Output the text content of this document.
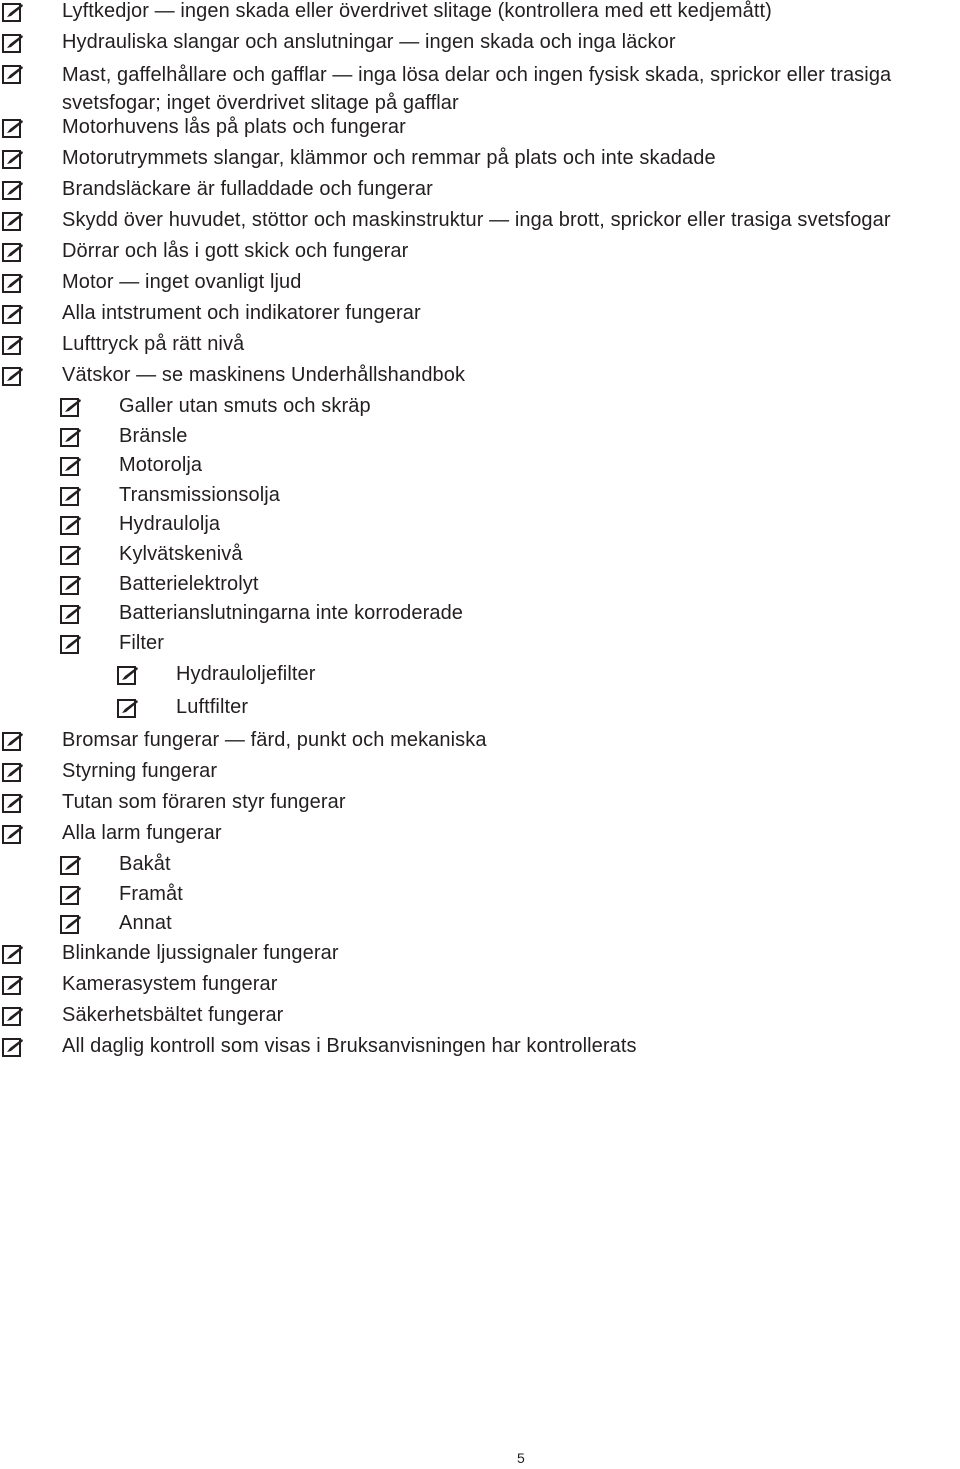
Lyftkedjor — ingen skada eller överdrivet slitage (kontrollera med ett kedjemått)
Hydrauliska slangar och anslutningar — ingen skada och inga läckor
Mast, gaffelhållare och gafflar — inga lösa delar och ingen fysisk skada, sprickor eller trasiga svetsfogar; inget överdrivet slitage på gafflar
Motorhuvens lås på plats och fungerar
Motorutrymmets slangar, klämmor och remmar på plats och inte skadade
Brandsläckare är fulladdade och fungerar
Skydd över huvudet, stöttor och maskinstruktur — inga brott, sprickor eller trasiga svetsfogar
Dörrar och lås i gott skick och fungerar
Motor — inget ovanligt ljud
Alla intstrument och indikatorer fungerar
Lufttryck på rätt nivå
Vätskor — se maskinens Underhållshandbok
Galler utan smuts och skräp
Bränsle
Motorolja
Transmissionsolja
Hydraulolja
Kylvätskenivå
Batterielektrolyt
Batterianslutningarna inte korroderade
Filter
Hydrauloljefilter
Luftfilter
Bromsar fungerar — färd, punkt och mekaniska
Styrning fungerar
Tutan som föraren styr fungerar
Alla larm fungerar
Bakåt
Framåt
Annat
Blinkande ljussignaler fungerar
Kamerasystem fungerar
Säkerhetsbältet fungerar
All daglig kontroll som visas i Bruksanvisningen har kontrollerats
5
